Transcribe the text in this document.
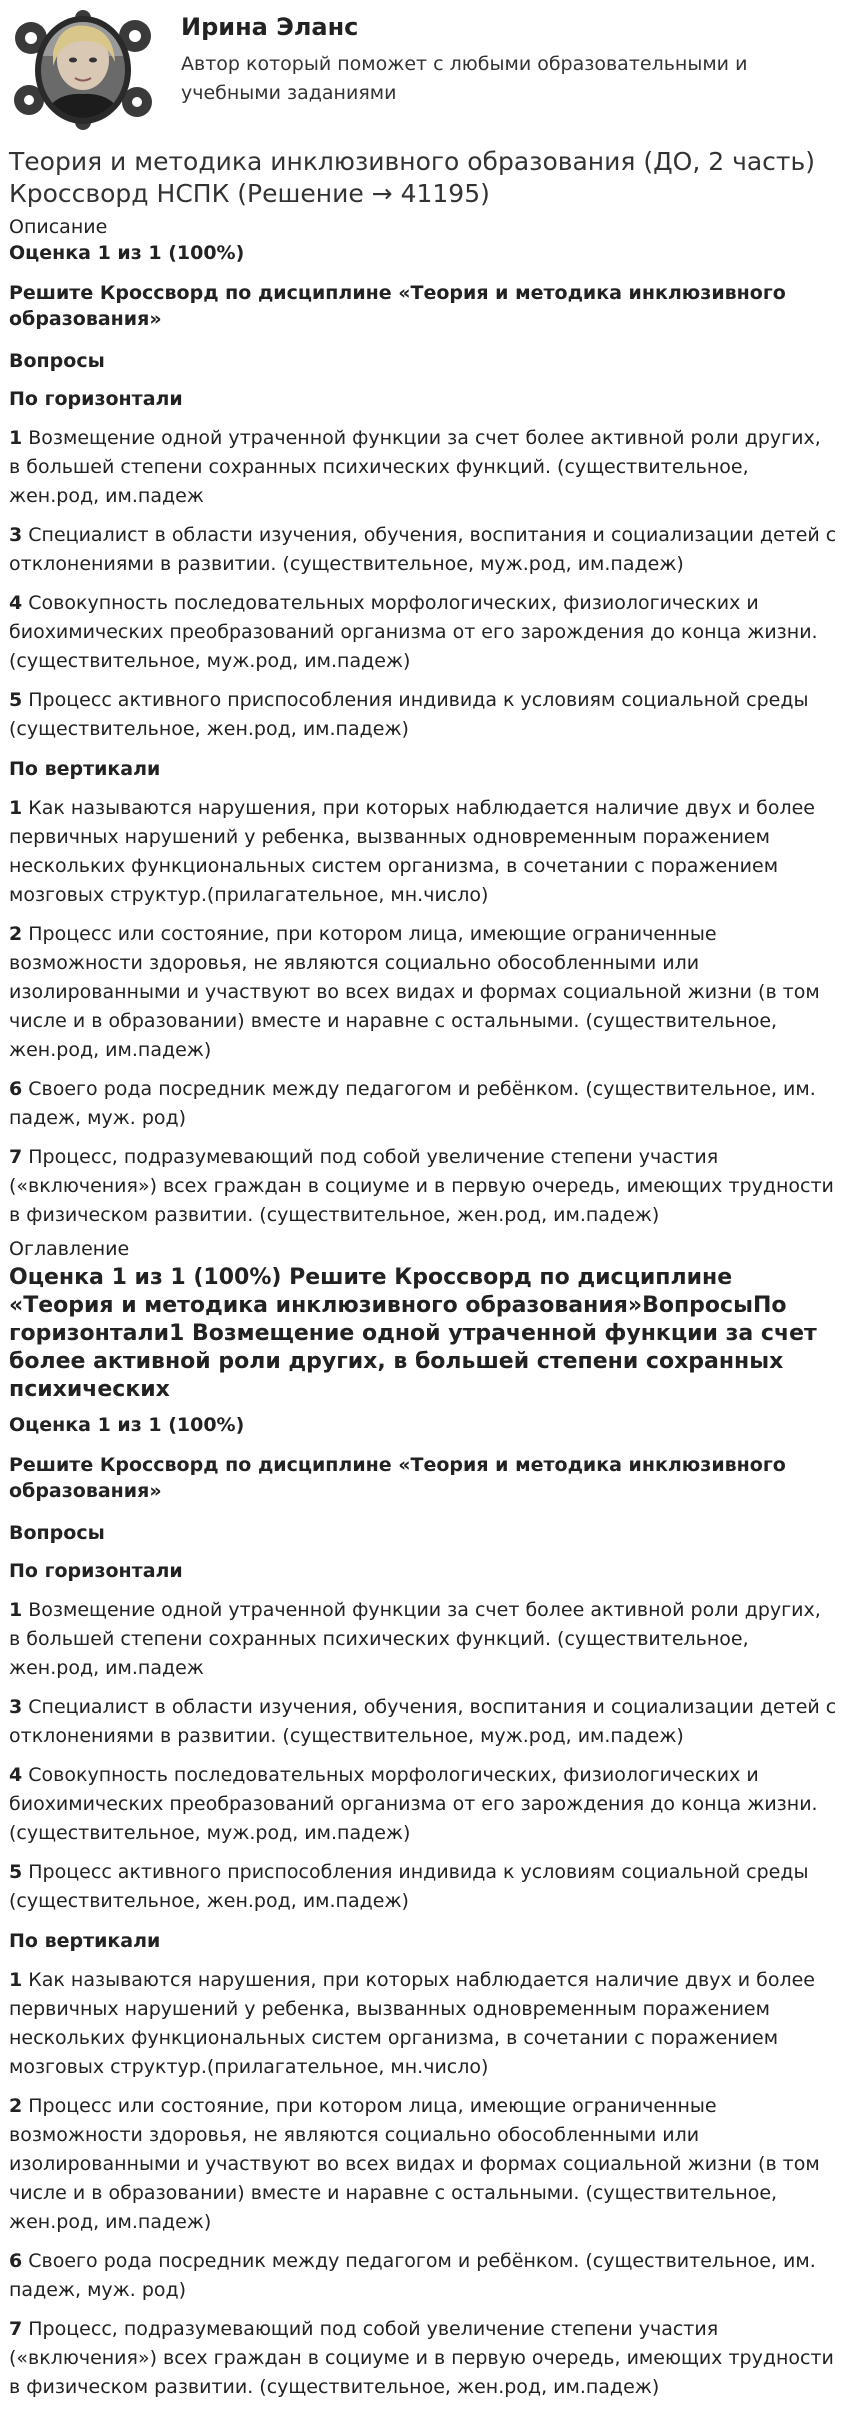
Ирина Эланс
Автор который поможет с любыми образовательными и
учебными заданиями
Теория и методика инклюзивного образования (ДО, 2 часть)
Кроссворд НСПК (Решение → 41195)
Описание
Оценка 1 из 1 (100%)

Решите Кроссворд по дисциплине «Теория и методика инклюзивного образования»

Вопросы
По горизонтали

1 Возмещение одной утраченной функции за счет более активной роли других, в большей степени сохранных психических функций. (существительное, жен.род, им.падеж

3 Специалист в области изучения, обучения, воспитания и социализации детей с отклонениями в развитии. (существительное, муж.род, им.падеж)

4 Совокупность последовательных морфологических, физиологических и биохимических преобразований организма от его зарождения до конца жизни. (существительное, муж.род, им.падеж)

5 Процесс активного приспособления индивида к условиям социальной среды (существительное, жен.род, им.падеж)

По вертикали

1 Как называются нарушения, при которых наблюдается наличие двух и более первичных нарушений у ребенка, вызванных одновременным поражением нескольких функциональных систем организма, в сочетании с поражением мозговых структур.(прилагательное, мн.число)

2 Процесс или состояние, при котором лица, имеющие ограниченные возможности здоровья, не являются социально обособленными или изолированными и участвуют во всех видах и формах социальной жизни (в том числе и в образовании) вместе и наравне с остальными. (существительное, жен.род, им.падеж)

6 Своего рода посредник между педагогом и ребёнком. (существительное, им. падеж, муж. род)

7 Процесс, подразумевающий под собой увеличение степени участия («включения») всех граждан в социуме и в первую очередь, имеющих трудности в физическом развитии. (существительное, жен.род, им.падеж)

Оглавление
Оценка 1 из 1 (100%) Решите Кроссворд по дисциплине «Теория и методика инклюзивного образования»ВопросыПо горизонтали1 Возмещение одной утраченной функции за счет более активной роли других, в большей степени сохранных психических
Оценка 1 из 1 (100%)

Решите Кроссворд по дисциплине «Теория и методика инклюзивного образования»

Вопросы
По горизонтали

1 Возмещение одной утраченной функции за счет более активной роли других, в большей степени сохранных психических функций. (существительное, жен.род, им.падеж

3 Специалист в области изучения, обучения, воспитания и социализации детей с отклонениями в развитии. (существительное, муж.род, им.падеж)

4 Совокупность последовательных морфологических, физиологических и биохимических преобразований организма от его зарождения до конца жизни. (существительное, муж.род, им.падеж)

5 Процесс активного приспособления индивида к условиям социальной среды (существительное, жен.род, им.падеж)

По вертикали

1 Как называются нарушения, при которых наблюдается наличие двух и более первичных нарушений у ребенка, вызванных одновременным поражением нескольких функциональных систем организма, в сочетании с поражением мозговых структур.(прилагательное, мн.число)

2 Процесс или состояние, при котором лица, имеющие ограниченные возможности здоровья, не являются социально обособленными или изолированными и участвуют во всех видах и формах социальной жизни (в том числе и в образовании) вместе и наравне с остальными. (существительное, жен.род, им.падеж)

6 Своего рода посредник между педагогом и ребёнком. (существительное, им. падеж, муж. род)

7 Процесс, подразумевающий под собой увеличение степени участия («включения») всех граждан в социуме и в первую очередь, имеющих трудности в физическом развитии. (существительное, жен.род, им.падеж)
